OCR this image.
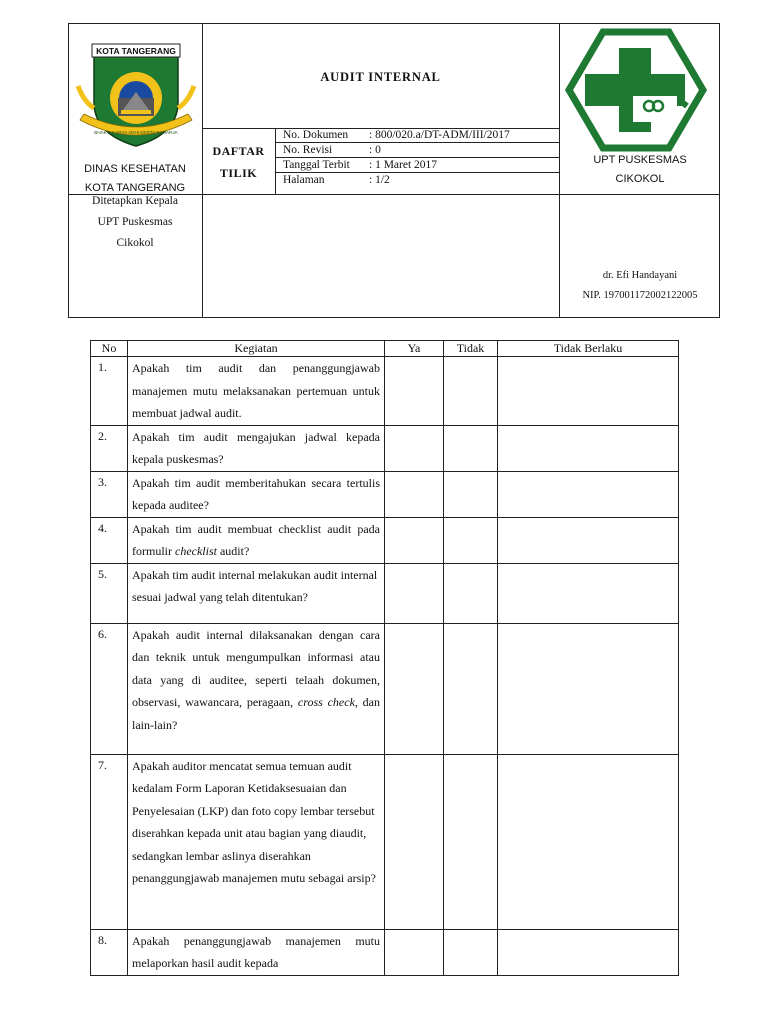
KOTA TANGERANG
BHAKTI KARYA ADHI KERTA RAHARJA
DINAS KESEHATAN
KOTA TANGERANG
AUDIT INTERNAL
DAFTAR
TILIK
No. Dokumen	: 800/020.a/DT-ADM/III/2017
No. Revisi	: 0
Tanggal Terbit	: 1 Maret 2017
Halaman	: 1/2
UPT PUSKESMAS
CIKOKOL
Ditetapkan Kepala
UPT Puskesmas
Cikokol
dr. Efi Handayani
NIP. 197001172002122005
No	Kegiatan	Ya	Tidak	Tidak Berlaku
1.	Apakah tim audit dan penanggungjawab manajemen mutu melaksanakan pertemuan untuk membuat jadwal audit.			

2.	Apakah tim audit mengajukan jadwal kepada kepala puskesmas?			

3.	Apakah tim audit memberitahukan secara tertulis kepada auditee?			

4.	Apakah tim audit membuat checklist audit pada formulir checklist audit?			

5.	Apakah tim audit internal melakukan audit internal sesuai jadwal yang telah ditentukan?			

6.	Apakah audit internal dilaksanakan dengan cara dan teknik untuk mengumpulkan informasi atau data yang di auditee, seperti telaah dokumen, observasi, wawancara, peragaan, cross check, dan lain-lain?			

7.	Apakah auditor mencatat semua temuan audit kedalam Form Laporan Ketidaksesuaian dan Penyelesaian (LKP) dan foto copy lembar tersebut diserahkan kepada unit atau bagian yang diaudit, sedangkan lembar aslinya diserahkan penanggungjawab manajemen mutu sebagai arsip?			

8.	Apakah penanggungjawab manajemen mutu melaporkan hasil audit kepada			
